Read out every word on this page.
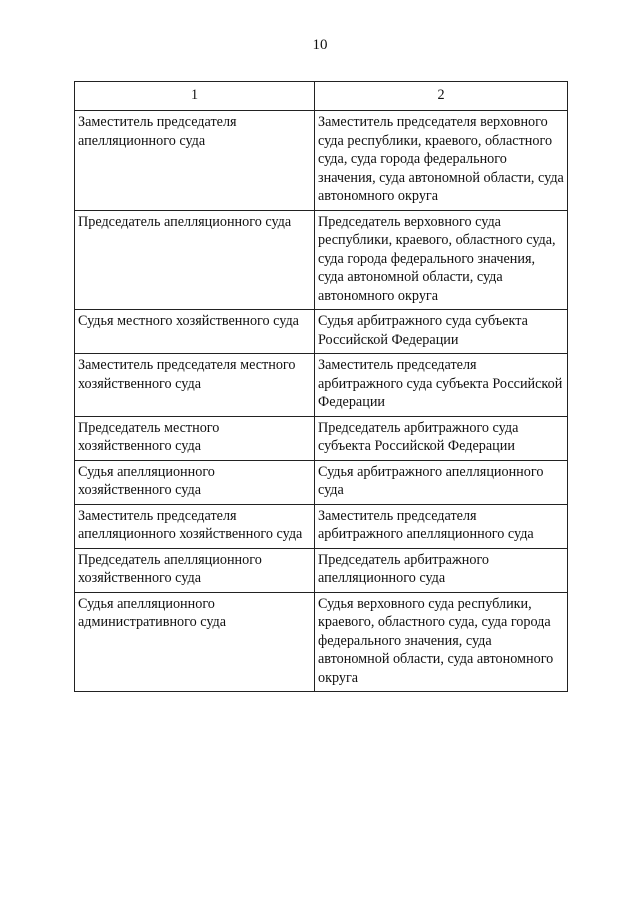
10
1	2
Заместитель председателя апелляционного суда	Заместитель председателя верховного суда республики, краевого, областного суда, суда города федерального значения, суда автономной области, суда автономного округа
Председатель апелляционного суда	Председатель верховного суда республики, краевого, областного суда, суда города федерального значения, суда автономной области, суда автономного округа
Судья местного хозяйственного суда	Судья арбитражного суда субъекта Российской Федерации
Заместитель председателя местного хозяйственного суда	Заместитель председателя арбитражного суда субъекта Российской Федерации
Председатель местного хозяйственного суда	Председатель арбитражного суда субъекта Российской Федерации
Судья апелляционного хозяйственного суда	Судья арбитражного апелляционного суда
Заместитель председателя апелляционного хозяйственного суда	Заместитель председателя арбитражного апелляционного суда
Председатель апелляционного хозяйственного суда	Председатель арбитражного апелляционного суда
Судья апелляционного административного суда	Судья верховного суда республики, краевого, областного суда, суда города федерального значения, суда автономной области, суда автономного округа
